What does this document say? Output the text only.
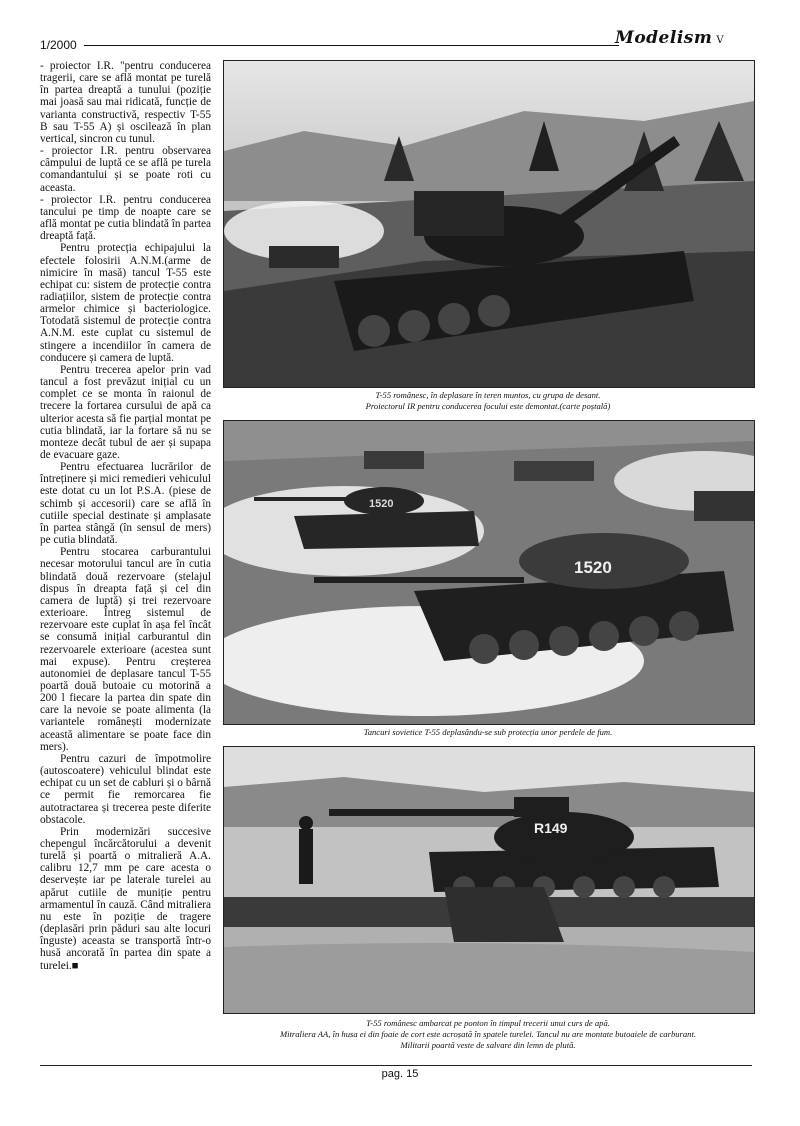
1/2000	Modelism V

- proiector I.R. "pentru conducerea tragerii, care se află montat pe turelă în partea dreaptă a tunului (poziție mai joasă sau mai ridicată, funcție de varianta constructivă, respectiv T-55 B sau T-55 A) și oscilează în plan vertical, sincron cu tunul.

- proiector I.R. pentru observarea câmpului de luptă ce se află pe turela comandantului și se poate roti cu aceasta.

- proiector I.R. pentru conducerea tancului pe timp de noapte care se află montat pe cutia blindată în partea dreaptă față.

Pentru protecția echipajului la efectele folosirii A.N.M.(arme de nimicire în masă) tancul T-55 este echipat cu: sistem de protecție contra radiațiilor, sistem de protecție contra armelor chimice și bacteriologice. Totodată sistemul de protecție contra A.N.M. este cuplat cu sistemul de stingere a incendiilor în camera de conducere și camera de luptă.

Pentru trecerea apelor prin vad tancul a fost prevăzut inițial cu un complet ce se monta în raionul de trecere la fortarea cursului de apă ca ulterior acesta să fie parțial montat pe cutia blindată, iar la fortare să nu se monteze decât tubul de aer și supapa de evacuare gaze.

Pentru efectuarea lucrărilor de întreținere și mici remedieri vehiculul este dotat cu un lot P.S.A. (piese de schimb și accesorii) care se află în cutiile special destinate și amplasate în partea stângă (în sensul de mers) pe cutia blindată.

Pentru stocarea carburantului necesar motorului tancul are în cutia blindată două rezervoare (stelajul dispus în dreapta față și cel din camera de luptă) și trei rezervoare exterioare. Întreg sistemul de rezervoare este cuplat în așa fel încât se consumă inițial carburantul din rezervoarele exterioare (acestea sunt mai expuse). Pentru creșterea autonomiei de deplasare tancul T-55 poartă două butoaie cu motorină a 200 l fiecare la partea din spate din care la nevoie se poate alimenta (la variantele românești modernizate această alimentare se poate face din mers).

Pentru cazuri de împotmolire (autoscoatere) vehiculul blindat este echipat cu un set de cabluri și o bârnă ce permit fie remorcarea fie autotractarea și trecerea peste diferite obstacole.

Prin modernizări succesive chepengul încărcătorului a devenit turelă și poartă o mitralieră A.A. calibru 12,7 mm pe care acesta o deservește iar pe laterale turelei au apărut cutiile de muniție pentru armamentul în cauză. Când mitraliera nu este în poziție de tragere (deplasări prin păduri sau alte locuri înguste) aceasta se transportă într-o husă ancorată în partea din spate a turelei.■

T-55 românesc, în deplasare în teren muntos, cu grupa de desant.
Proiectorul IR pentru conducerea focului este demontat.(carte poștală)
1520
1520
Tancuri sovietice T-55 deplasându-se sub protecția unor perdele de fum.
R149
T-55 românesc ambarcat pe ponton în timpul trecerii unui curs de apă.
Mitraliera AA, în husa ei din foaie de cort este acroșată în spatele turelei. Tancul nu are montate butoaiele de carburant.
Militarii poartă veste de salvare din lemn de plută.
pag. 15
